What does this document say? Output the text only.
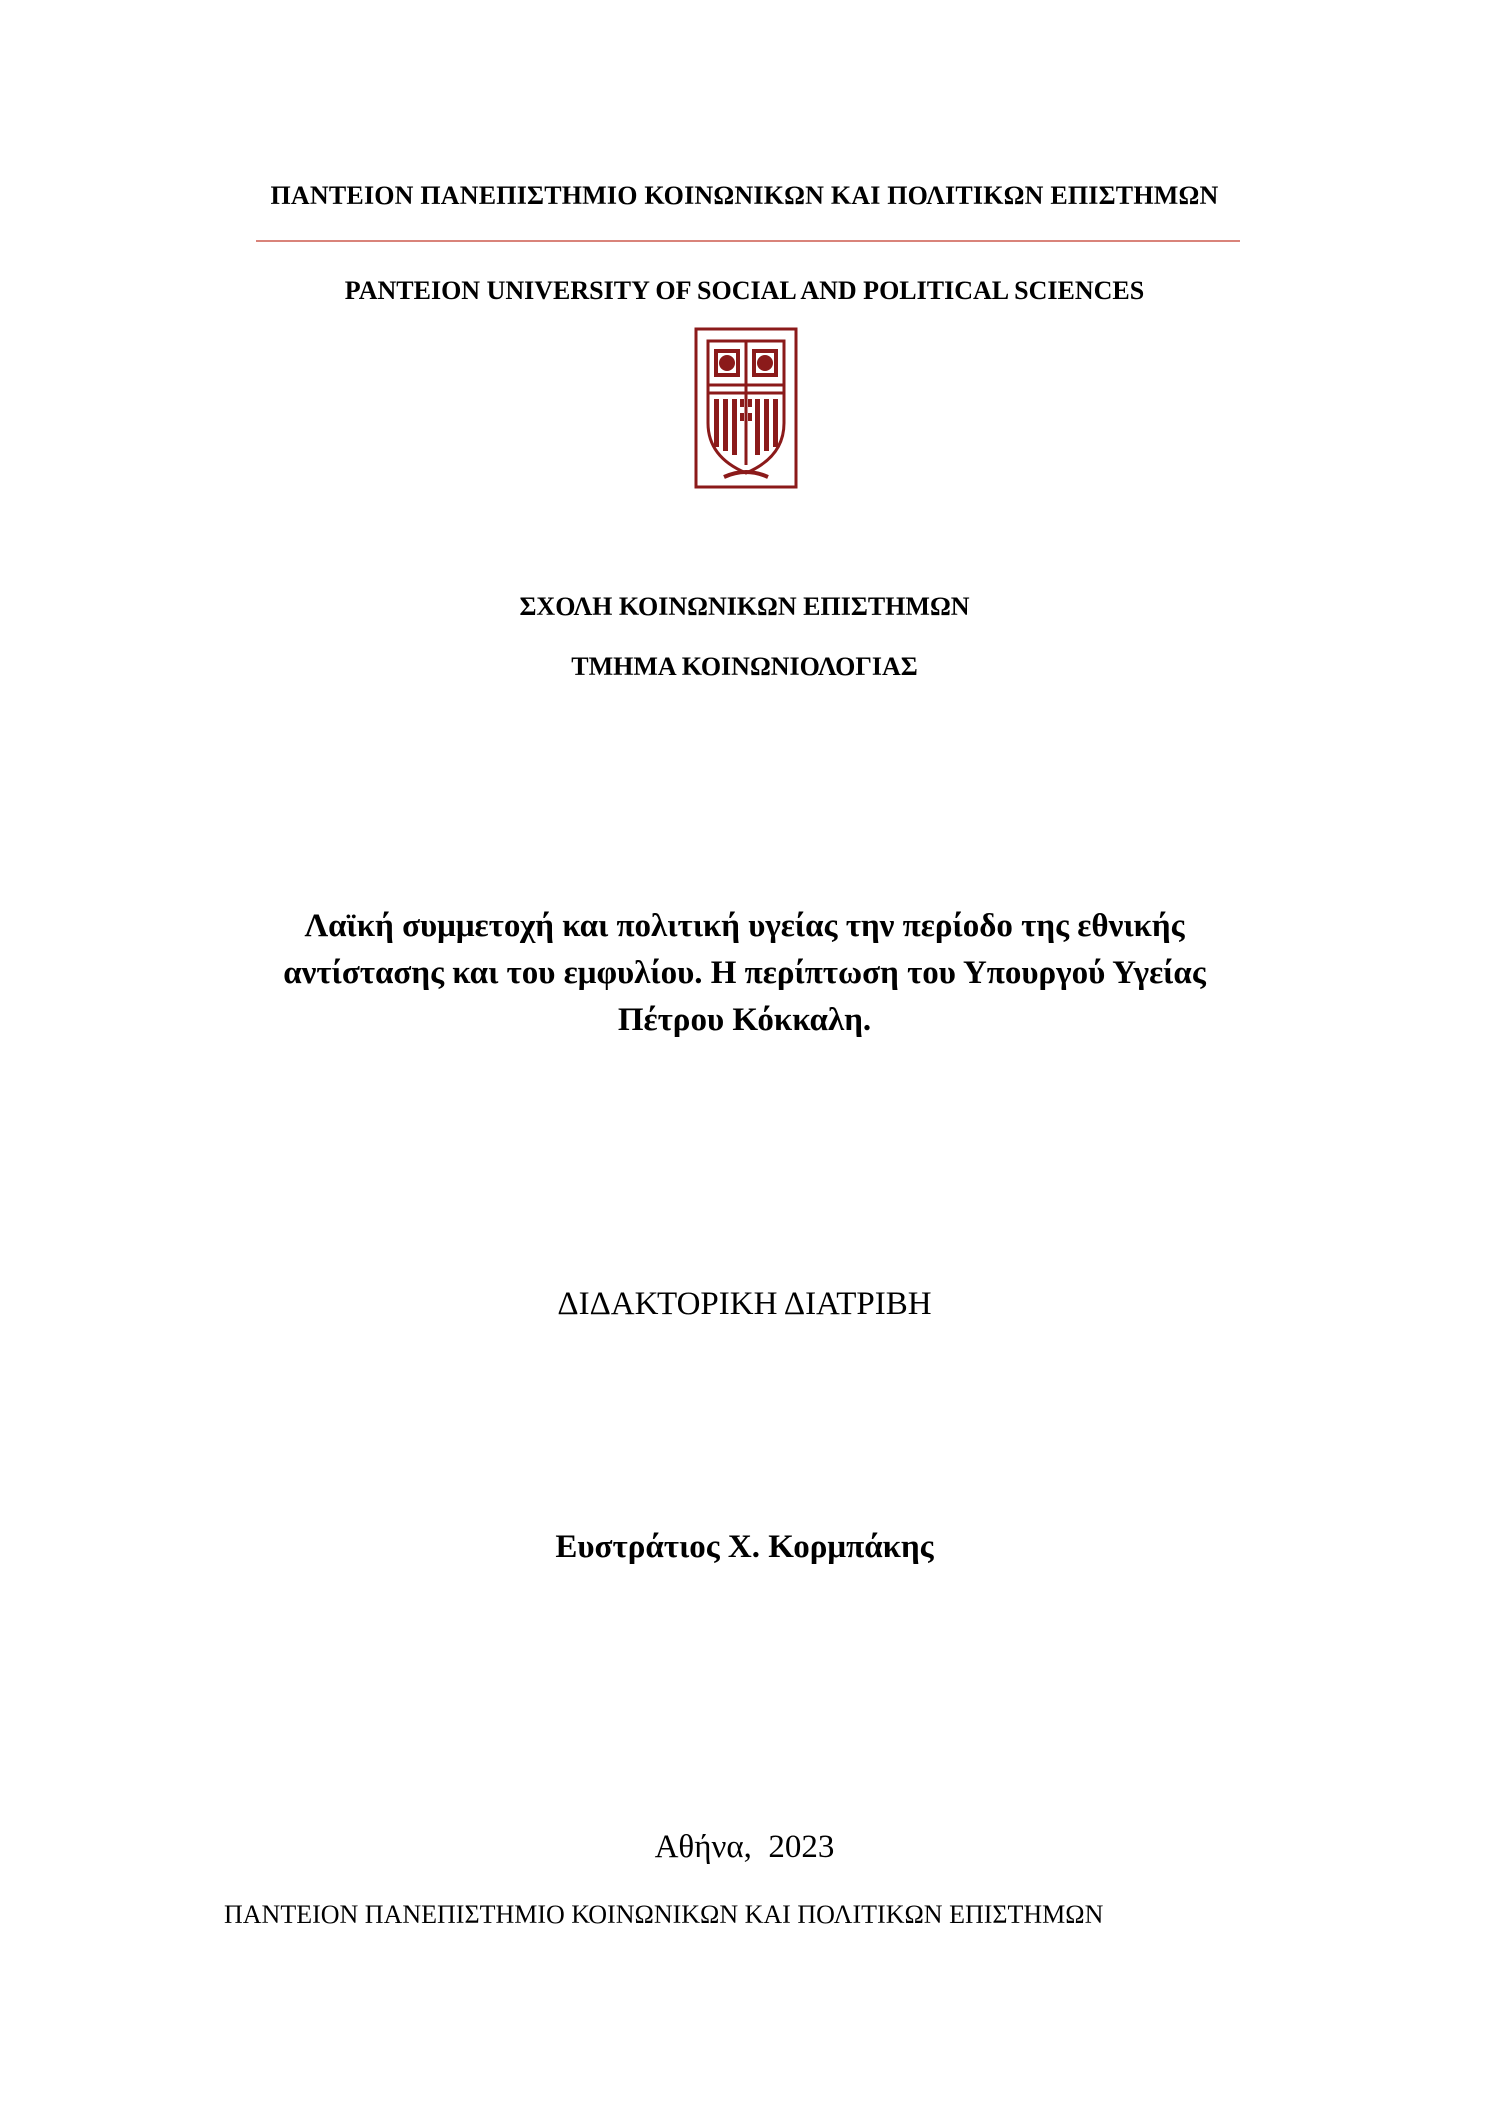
ΠΑΝΤΕΙΟΝ ΠΑΝΕΠΙΣΤΗΜΙΟ ΚΟΙΝΩΝΙΚΩΝ ΚΑΙ ΠΟΛΙΤΙΚΩΝ ΕΠΙΣΤΗΜΩΝ
PANTEION UNIVERSITY OF SOCIAL AND POLITICAL SCIENCES
ΣΧΟΛΗ ΚΟΙΝΩΝΙΚΩΝ ΕΠΙΣΤΗΜΩΝ
ΤΜΗΜΑ ΚΟΙΝΩΝΙΟΛΟΓΙΑΣ
Λαϊκή συμμετοχή και πολιτική υγείας την περίοδο της εθνικής
αντίστασης και του εμφυλίου. Η περίπτωση του Υπουργού Υγείας
Πέτρου Κόκκαλη.
ΔΙΔΑΚΤΟΡΙΚΗ ΔΙΑΤΡΙΒΗ
Ευστράτιος Χ. Κορμπάκης
Αθήνα,  2023
ΠΑΝΤΕΙΟΝ ΠΑΝΕΠΙΣΤΗΜΙΟ ΚΟΙΝΩΝΙΚΩΝ ΚΑΙ ΠΟΛΙΤΙΚΩΝ ΕΠΙΣΤΗΜΩΝ
